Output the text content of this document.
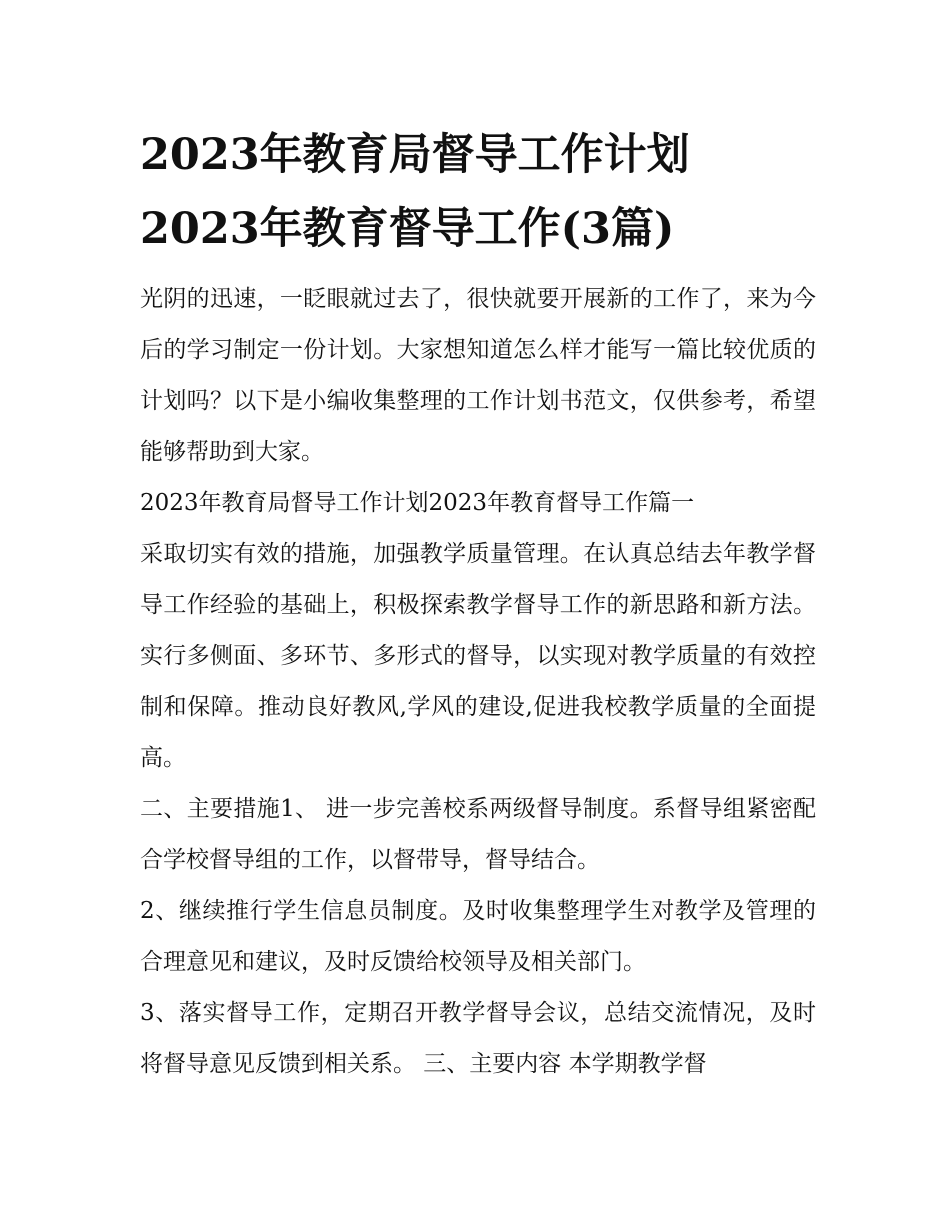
2023年教育局督导工作计划
2023年教育督导工作(3篇)

光阴的迅速，一眨眼就过去了，很快就要开展新的工作了，来为今后的学习制定一份计划。大家想知道怎么样才能写一篇比较优质的计划吗？以下是小编收集整理的工作计划书范文，仅供参考，希望能够帮助到大家。

2023年教育局督导工作计划2023年教育督导工作篇一

采取切实有效的措施，加强教学质量管理。在认真总结去年教学督导工作经验的基础上，积极探索教学督导工作的新思路和新方法。实行多侧面、多环节、多形式的督导，以实现对教学质量的有效控制和保障。推动良好教风,学风的建设,促进我校教学质量的全面提高。

二、主要措施1、 进一步完善校系两级督导制度。系督导组紧密配合学校督导组的工作，以督带导，督导结合。

2、继续推行学生信息员制度。及时收集整理学生对教学及管理的合理意见和建议，及时反馈给校领导及相关部门。

3、落实督导工作，定期召开教学督导会议，总结交流情况，及时将督导意见反馈到相关系。 三、主要内容 本学期教学督
